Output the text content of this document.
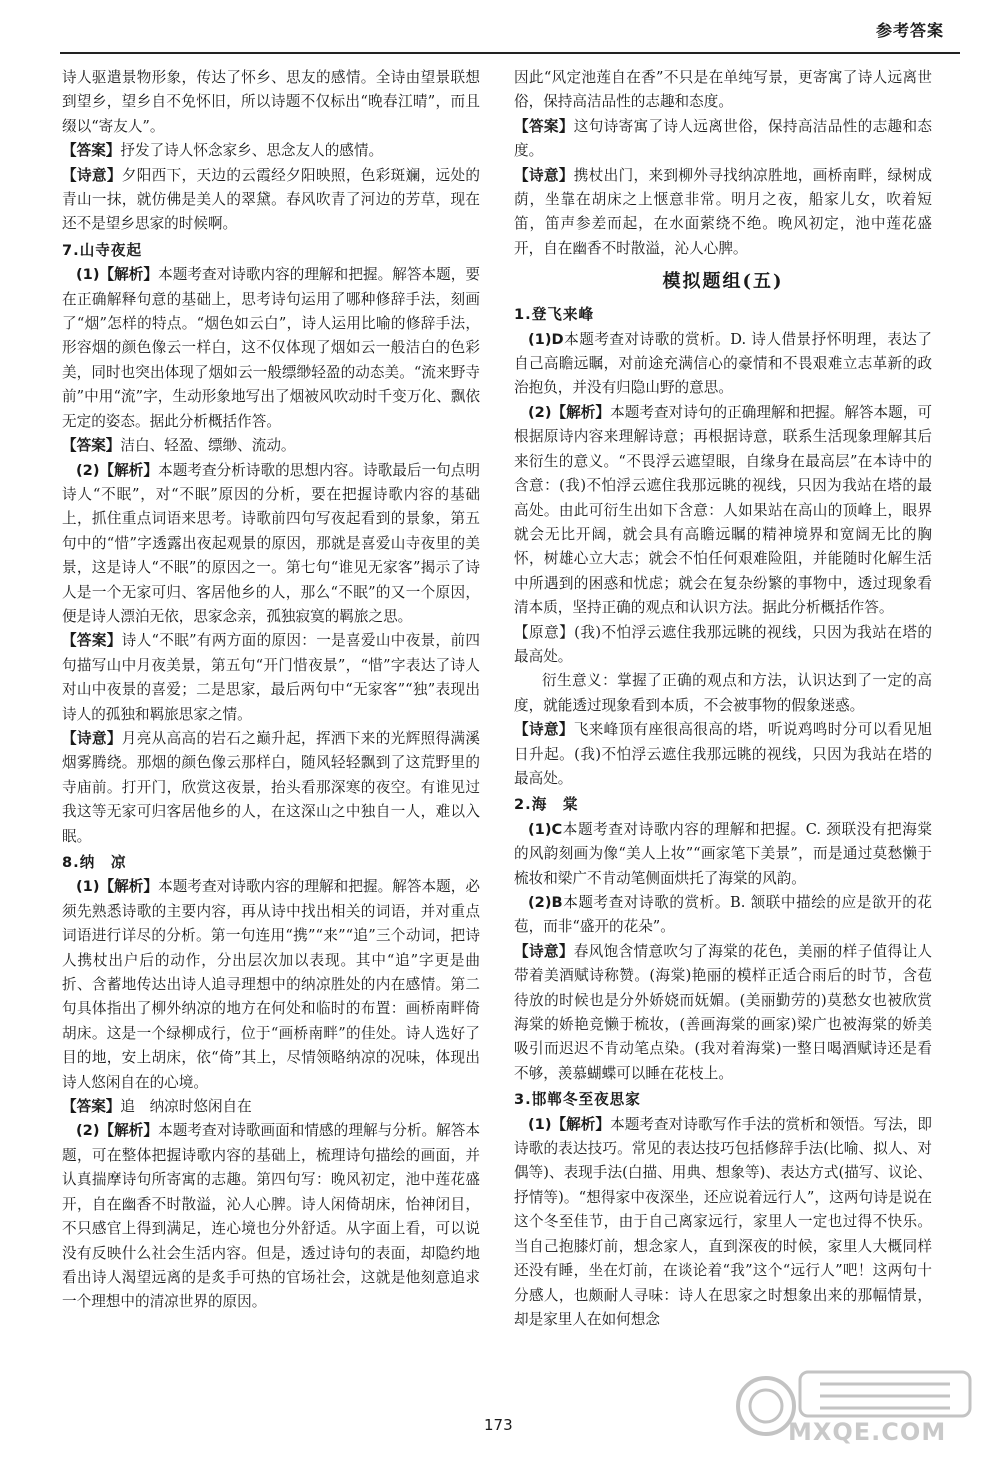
参考答案

诗人驱遣景物形象，传达了怀乡、思友的感情。全诗由望景联想到望乡，望乡自不免怀旧，所以诗题不仅标出“晚春江晴”，而且缀以“寄友人”。

【答案】抒发了诗人怀念家乡、思念友人的感情。

【诗意】夕阳西下，天边的云霞经夕阳映照，色彩斑斓，远处的青山一抹，就仿佛是美人的翠黛。春风吹青了河边的芳草，现在还不是望乡思家的时候啊。

7.山寺夜起

(1)【解析】本题考查对诗歌内容的理解和把握。解答本题，要在正确解释句意的基础上，思考诗句运用了哪种修辞手法，刻画了“烟”怎样的特点。“烟色如云白”，诗人运用比喻的修辞手法，形容烟的颜色像云一样白，这不仅体现了烟如云一般洁白的色彩美，同时也突出体现了烟如云一般缥缈轻盈的动态美。“流来野寺前”中用“流”字，生动形象地写出了烟被风吹动时千变万化、飘依无定的姿态。据此分析概括作答。

【答案】洁白、轻盈、缥缈、流动。

(2)【解析】本题考查分析诗歌的思想内容。诗歌最后一句点明诗人“不眠”，对“不眠”原因的分析，要在把握诗歌内容的基础上，抓住重点词语来思考。诗歌前四句写夜起看到的景象，第五句中的“惜”字透露出夜起观景的原因，那就是喜爱山寺夜里的美景，这是诗人“不眠”的原因之一。第七句“谁见无家客”揭示了诗人是一个无家可归、客居他乡的人，那么“不眠”的又一个原因，便是诗人漂泊无依，思家念亲，孤独寂寞的羁旅之思。

【答案】诗人“不眠”有两方面的原因：一是喜爱山中夜景，前四句描写山中月夜美景，第五句“开门惜夜景”，“惜”字表达了诗人对山中夜景的喜爱；二是思家，最后两句中“无家客”“独”表现出诗人的孤独和羁旅思家之情。

【诗意】月亮从高高的岩石之巅升起，挥洒下来的光辉照得满溪烟雾腾绕。那烟的颜色像云那样白，随风轻轻飘到了这荒野里的寺庙前。打开门，欣赏这夜景，抬头看那深寒的夜空。有谁见过我这等无家可归客居他乡的人，在这深山之中独自一人，难以入眠。

8.纳　凉

(1)【解析】本题考查对诗歌内容的理解和把握。解答本题，必须先熟悉诗歌的主要内容，再从诗中找出相关的词语，并对重点词语进行详尽的分析。第一句连用“携”“来”“追”三个动词，把诗人携杖出户后的动作，分出层次加以表现。其中“追”字更是曲折、含蓄地传达出诗人追寻理想中的纳凉胜处的内在感情。第二句具体指出了柳外纳凉的地方在何处和临时的布置：画桥南畔倚胡床。这是一个绿柳成行，位于“画桥南畔”的佳处。诗人选好了目的地，安上胡床，依“倚”其上，尽情领略纳凉的况味，体现出诗人悠闲自在的心境。

【答案】追　纳凉时悠闲自在

(2)【解析】本题考查对诗歌画面和情感的理解与分析。解答本题，可在整体把握诗歌内容的基础上，梳理诗句描绘的画面，并认真揣摩诗句所寄寓的志趣。第四句写：晚风初定，池中莲花盛开，自在幽香不时散溢，沁人心脾。诗人闲倚胡床，怡神闭目，不只感官上得到满足，连心境也分外舒适。从字面上看，可以说没有反映什么社会生活内容。但是，透过诗句的表面，却隐约地看出诗人渴望远离的是炙手可热的官场社会，这就是他刻意追求一个理想中的清凉世界的原因。

因此“风定池莲自在香”不只是在单纯写景，更寄寓了诗人远离世俗，保持高洁品性的志趣和态度。

【答案】这句诗寄寓了诗人远离世俗，保持高洁品性的志趣和态度。

【诗意】携杖出门，来到柳外寻找纳凉胜地，画桥南畔，绿树成荫，坐靠在胡床之上惬意非常。明月之夜，船家儿女，吹着短笛，笛声参差而起，在水面萦绕不绝。晚风初定，池中莲花盛开，自在幽香不时散溢，沁人心脾。

模拟题组(五)
1.登飞来峰

(1)D本题考查对诗歌的赏析。D. 诗人借景抒怀明理，表达了自己高瞻远瞩，对前途充满信心的豪情和不畏艰难立志革新的政治抱负，并没有归隐山野的意思。

(2)【解析】本题考查对诗句的正确理解和把握。解答本题，可根据原诗内容来理解诗意；再根据诗意，联系生活现象理解其后来衍生的意义。“不畏浮云遮望眼，自缘身在最高层”在本诗中的含意：(我)不怕浮云遮住我那远眺的视线，只因为我站在塔的最高处。由此可衍生出如下含意：人如果站在高山的顶峰上，眼界就会无比开阔，就会具有高瞻远瞩的精神境界和宽阔无比的胸怀，树雄心立大志；就会不怕任何艰难险阻，并能随时化解生活中所遇到的困惑和忧虑；就会在复杂纷繁的事物中，透过现象看清本质，坚持正确的观点和认识方法。据此分析概括作答。

【原意】(我)不怕浮云遮住我那远眺的视线，只因为我站在塔的最高处。

衍生意义：掌握了正确的观点和方法，认识达到了一定的高度，就能透过现象看到本质，不会被事物的假象迷惑。

【诗意】飞来峰顶有座很高很高的塔，听说鸡鸣时分可以看见旭日升起。(我)不怕浮云遮住我那远眺的视线，只因为我站在塔的最高处。

2.海　棠

(1)C本题考查对诗歌内容的理解和把握。C. 颈联没有把海棠的风韵刻画为像“美人上妆”“画家笔下美景”，而是通过莫愁懒于梳妆和梁广不肯动笔侧面烘托了海棠的风韵。

(2)B本题考查对诗歌的赏析。B. 颔联中描绘的应是欲开的花苞，而非“盛开的花朵”。

【诗意】春风饱含情意吹匀了海棠的花色，美丽的样子值得让人带着美酒赋诗称赞。(海棠)艳丽的模样正适合雨后的时节，含苞待放的时候也是分外娇娆而妩媚。(美丽勤劳的)莫愁女也被欣赏海棠的娇艳竞懒于梳妆，(善画海棠的画家)梁广也被海棠的娇美吸引而迟迟不肯动笔点染。(我对着海棠)一整日喝酒赋诗还是看不够，羡慕蝴蝶可以睡在花枝上。

3.邯郸冬至夜思家

(1)【解析】本题考查对诗歌写作手法的赏析和领悟。写法，即诗歌的表达技巧。常见的表达技巧包括修辞手法(比喻、拟人、对偶等)、表现手法(白描、用典、想象等)、表达方式(描写、议论、抒情等)。“想得家中夜深坐，还应说着远行人”，这两句诗是说在这个冬至佳节，由于自己离家远行，家里人一定也过得不快乐。当自己抱膝灯前，想念家人，直到深夜的时候，家里人大概同样还没有睡，坐在灯前，在谈论着“我”这个“远行人”吧！这两句十分感人，也颇耐人寻味：诗人在思家之时想象出来的那幅情景，却是家里人在如何想念

173	MXQE.COM
